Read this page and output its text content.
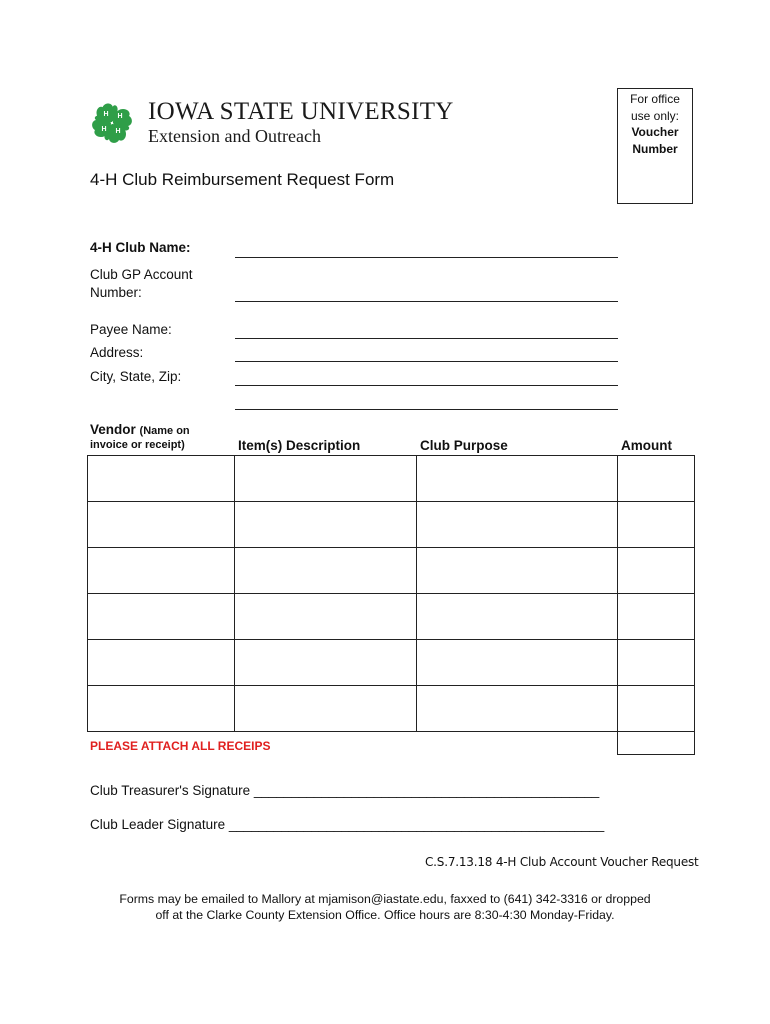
H H
H
H
IOWA STATE UNIVERSITY
Extension and Outreach
For office
use only:
Voucher
Number
4-H Club Reimbursement Request Form
4-H Club Name:
Club GP Account
Number:
Payee Name:
Address:
City, State, Zip:
Vendor (Name on
invoice or receipt)	Item(s) Description	Club Purpose	Amount
PLEASE ATTACH ALL RECEIPS
Club Treasurer's Signature ______________________________________________
Club Leader Signature __________________________________________________
C.S.7.13.18 4-H Club Account Voucher Request
Forms may be emailed to Mallory at mjamison@iastate.edu, faxxed to (641) 342-3316 or dropped
off at the Clarke County Extension Office. Office hours are 8:30-4:30 Monday-Friday.
